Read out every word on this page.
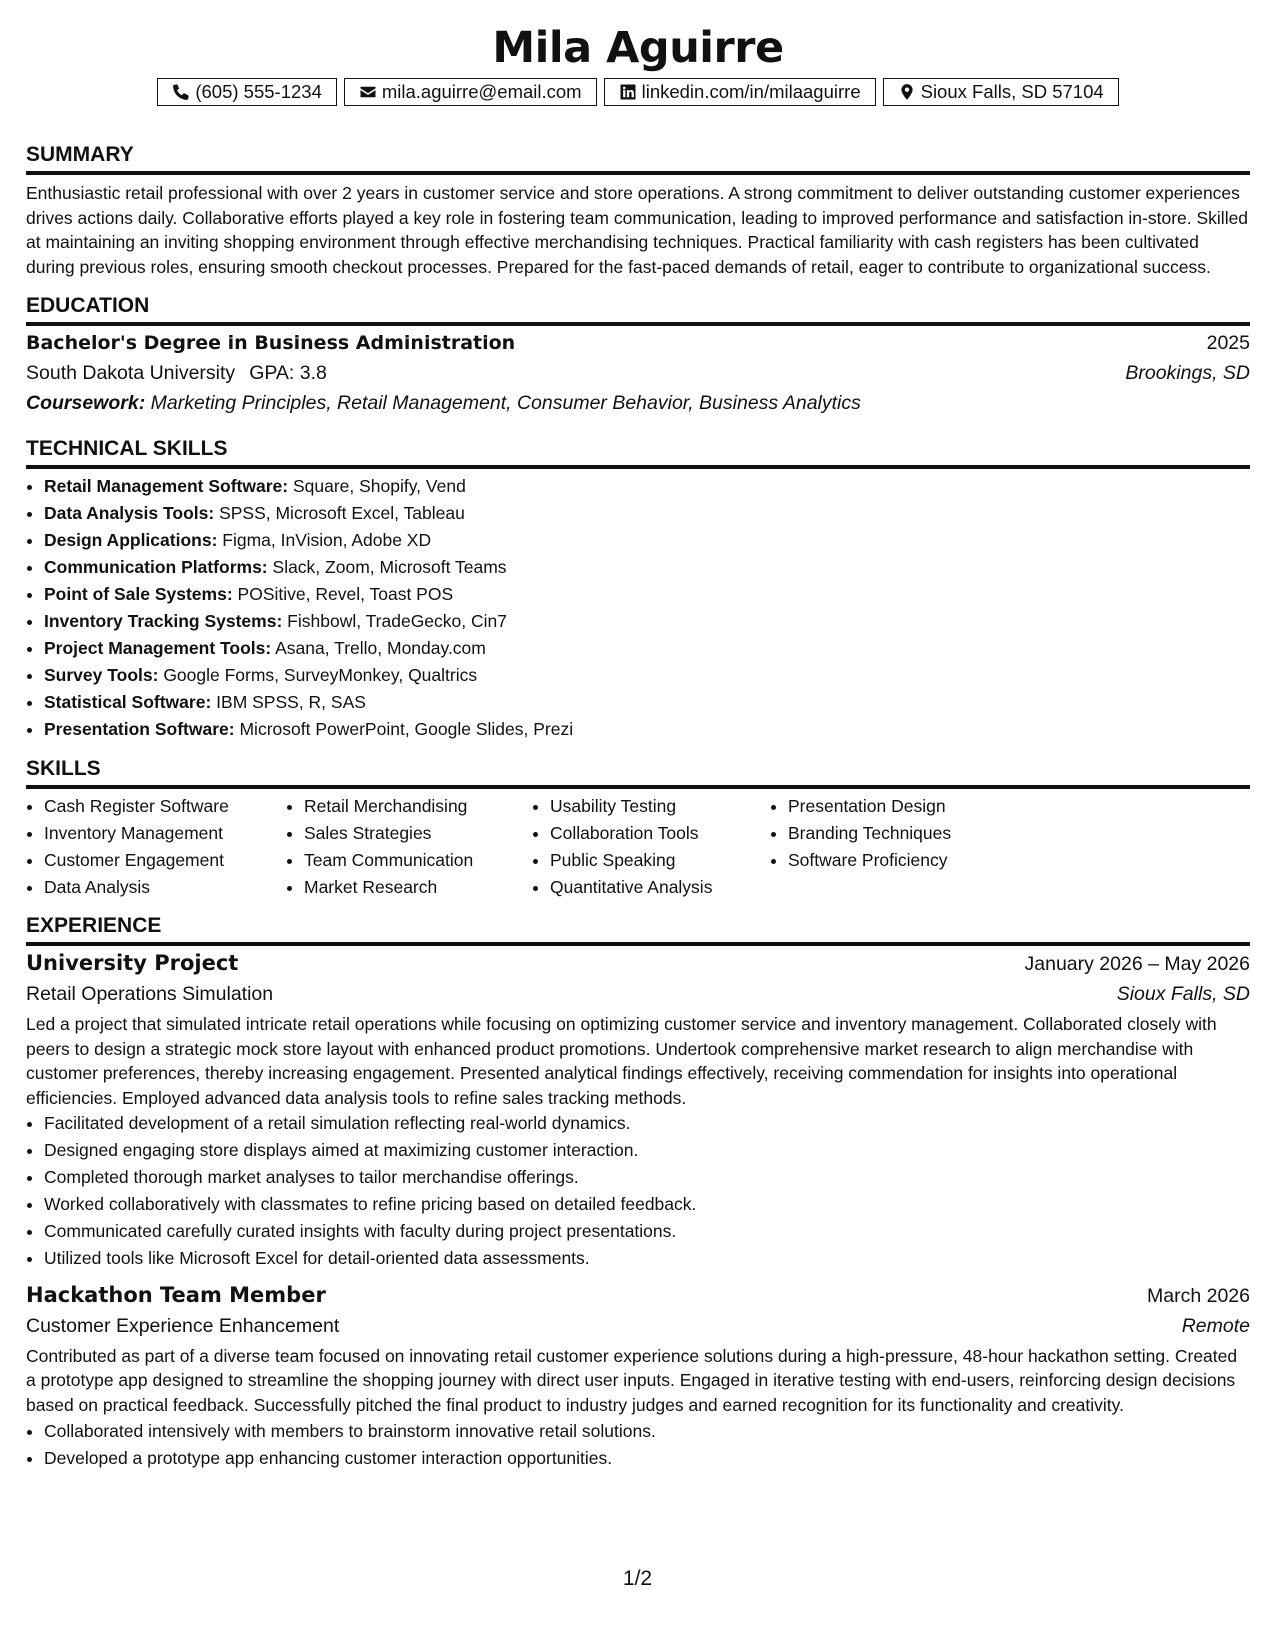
Mila Aguirre
(605) 555-1234	mila.aguirre@email.com	linkedin.com/in/milaaguirre	Sioux Falls, SD 57104
SUMMARY

Enthusiastic retail professional with over 2 years in customer service and store operations. A strong commitment to deliver outstanding customer experiences drives actions daily. Collaborative efforts played a key role in fostering team communication, leading to improved performance and satisfaction in-store. Skilled at maintaining an inviting shopping environment through effective merchandising techniques. Practical familiarity with cash registers has been cultivated during previous roles, ensuring smooth checkout processes. Prepared for the fast-paced demands of retail, eager to contribute to organizational success.

EDUCATION
Bachelor's Degree in Business Administration	2025
South Dakota University GPA: 3.8	Brookings, SD
Coursework: Marketing Principles, Retail Management, Consumer Behavior, Business Analytics
TECHNICAL SKILLS
• Retail Management Software: Square, Shopify, Vend
• Data Analysis Tools: SPSS, Microsoft Excel, Tableau
• Design Applications: Figma, InVision, Adobe XD
• Communication Platforms: Slack, Zoom, Microsoft Teams
• Point of Sale Systems: POSitive, Revel, Toast POS
• Inventory Tracking Systems: Fishbowl, TradeGecko, Cin7
• Project Management Tools: Asana, Trello, Monday.com
• Survey Tools: Google Forms, SurveyMonkey, Qualtrics
• Statistical Software: IBM SPSS, R, SAS
• Presentation Software: Microsoft PowerPoint, Google Slides, Prezi
SKILLS
• Cash Register Software
• Inventory Management
• Customer Engagement
• Data Analysis
• Retail Merchandising
• Sales Strategies
• Team Communication
• Market Research
• Usability Testing
• Collaboration Tools
• Public Speaking
• Quantitative Analysis
• Presentation Design
• Branding Techniques
• Software Proficiency
EXPERIENCE
University Project	January 2026 – May 2026
Retail Operations Simulation	Sioux Falls, SD

Led a project that simulated intricate retail operations while focusing on optimizing customer service and inventory management. Collaborated closely with peers to design a strategic mock store layout with enhanced product promotions. Undertook comprehensive market research to align merchandise with customer preferences, thereby increasing engagement. Presented analytical findings effectively, receiving commendation for insights into operational efficiencies. Employed advanced data analysis tools to refine sales tracking methods.

• Facilitated development of a retail simulation reflecting real-world dynamics.
• Designed engaging store displays aimed at maximizing customer interaction.
• Completed thorough market analyses to tailor merchandise offerings.
• Worked collaboratively with classmates to refine pricing based on detailed feedback.
• Communicated carefully curated insights with faculty during project presentations.
• Utilized tools like Microsoft Excel for detail-oriented data assessments.
Hackathon Team Member	March 2026
Customer Experience Enhancement	Remote

Contributed as part of a diverse team focused on innovating retail customer experience solutions during a high-pressure, 48-hour hackathon setting. Created a prototype app designed to streamline the shopping journey with direct user inputs. Engaged in iterative testing with end-users, reinforcing design decisions based on practical feedback. Successfully pitched the final product to industry judges and earned recognition for its functionality and creativity.

• Collaborated intensively with members to brainstorm innovative retail solutions.
• Developed a prototype app enhancing customer interaction opportunities.
1/2
